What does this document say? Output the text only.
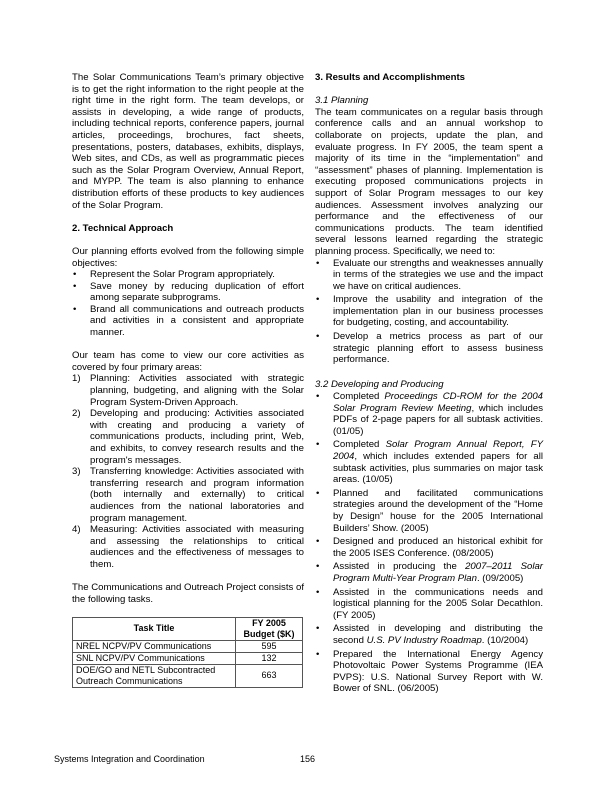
The Solar Communications Team’s primary objective is to get the right information to the right people at the right time in the right form. The team develops, or assists in developing, a wide range of products, including technical reports, conference papers, journal articles, proceedings, brochures, fact sheets, presentations, posters, databases, exhibits, displays, Web sites, and CDs, as well as programmatic pieces such as the Solar Program Overview, Annual Report, and MYPP. The team is also planning to enhance distribution efforts of these products to key audiences of the Solar Program.

2. Technical Approach

Our planning efforts evolved from the following simple objectives:

• Represent the Solar Program appropriately.
• Save money by reducing duplication of effort among separate subprograms.
• Brand all communications and outreach products and activities in a consistent and appropriate manner.

Our team has come to view our core activities as covered by four primary areas:

1) Planning: Activities associated with strategic planning, budgeting, and aligning with the Solar Program System-Driven Approach.
2) Developing and producing: Activities associated with creating and producing a variety of communications products, including print, Web, and exhibits, to convey research results and the program's messages.
3) Transferring knowledge: Activities associated with transferring research and program information (both internally and externally) to critical audiences from the national laboratories and program management.
4) Measuring: Activities associated with measuring and assessing the relationships to critical audiences and the effectiveness of messages to them.

The Communications and Outreach Project consists of the following tasks.

Task Title	FY 2005 Budget ($K)
NREL NCPV/PV Communications	595
SNL NCPV/PV Communications	132
DOE/GO and NETL Subcontracted Outreach Communications	663
3. Results and Accomplishments
3.1 Planning

The team communicates on a regular basis through conference calls and an annual workshop to collaborate on projects, update the plan, and evaluate progress. In FY 2005, the team spent a majority of its time in the “implementation” and “assessment” phases of planning. Implementation is executing proposed communications projects in support of Solar Program messages to our key audiences. Assessment involves analyzing our performance and the effectiveness of our communications products. The team identified several lessons learned regarding the strategic planning process. Specifically, we need to:

• Evaluate our strengths and weaknesses annually in terms of the strategies we use and the impact we have on critical audiences.
• Improve the usability and integration of the implementation plan in our business processes for budgeting, costing, and accountability.
• Develop a metrics process as part of our strategic planning effort to assess business performance.
3.2 Developing and Producing
• Completed Proceedings CD-ROM for the 2004 Solar Program Review Meeting, which includes PDFs of 2-page papers for all subtask activities. (01/05)
• Completed Solar Program Annual Report, FY 2004, which includes extended papers for all subtask activities, plus summaries on major task areas. (10/05)
• Planned and facilitated communications strategies around the development of the “Home by Design” house for the 2005 International Builders’ Show. (2005)
• Designed and produced an historical exhibit for the 2005 ISES Conference. (08/2005)
• Assisted in producing the 2007–2011 Solar Program Multi-Year Program Plan. (09/2005)
• Assisted in the communications needs and logistical planning for the 2005 Solar Decathlon. (FY 2005)
• Assisted in developing and distributing the second U.S. PV Industry Roadmap. (10/2004)
• Prepared the International Energy Agency Photovoltaic Power Systems Programme (IEA PVPS): U.S. National Survey Report with W. Bower of SNL. (06/2005)
Systems Integration and Coordination	156
